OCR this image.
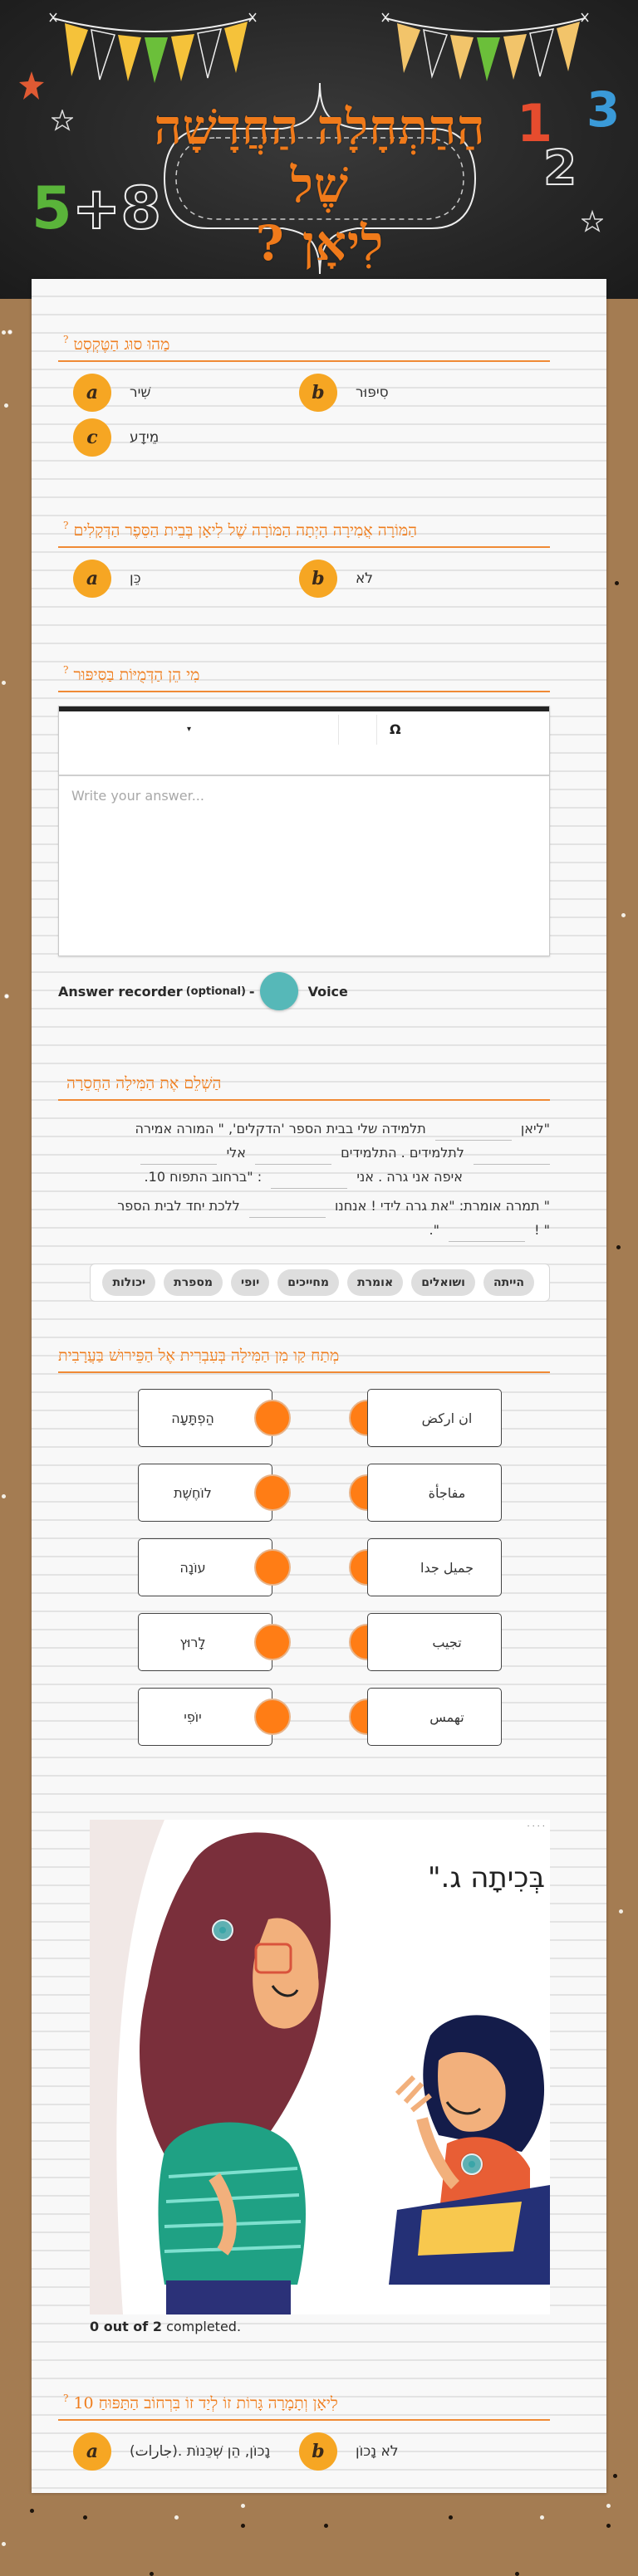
הַהַתְחָלָה הַחֲדָשָׁה שֶׁל
לִיאָן ?
1 3
2
5+8
? מַהוּ סוּג הַטֶּקְסְט
a	שִׁיר	b	סִיפּוּר
c	מֵידָע
? הַמּוֹרָה אֲמִירָה הָיְתָה הַמּוֹרָה שֶׁל לִיאָן בְּבֵית הַסֵּפֶר הַדְּקָלִים
a	כֵּן	b	לֹא
? מִי הֵן הַדְּמֻיּוֹת בַּסִּיפּוּר
▾	Ω
Write your answer...
Answer recorder (optional) -	Voice
הַשְׁלֵם אֶת הַמִּילָה הַחֲסֵרָה
"ליאן  תלמידה שלי בבית הספר 'הדקלים', " המורה אמירה
לתלמידים . התלמידים  אלי
איפה אני גרה . אני  : "ברחוב התפוח 10.
" תמרה אומרת: "את גרה לידי ! אנחנו  ללכת יחד לבית הספר
" !  ".
הייתה
ושואלים
אומרת
מחייכים
יופי
מספרת
יכולות
מְתַח קַו מִן הַמִּילָה בְּעִבְרִית אֶל הַפֵּירוּשׁ בַּעֲרָבִית
הַפְתָּעָה	ان اركض
לוֹחֶשֶׁת	مفاجأة
עוֹנָה	جميل جدا
לָרוּץ	تجيب
יוֹפִי	تهمس
בְּכִיתָה ג."
· · · ·
0 out of 2 completed.
? לִיאָן וְתָמָרָה גָּרוֹת זוֹ לְיַד זוֹ בִּרְחוֹב הַתַּפּוּחַ 10
a	נָכוֹן, הֵן שְׁכֵנוֹת .(جارات)	b	לֹא נָכוֹן
